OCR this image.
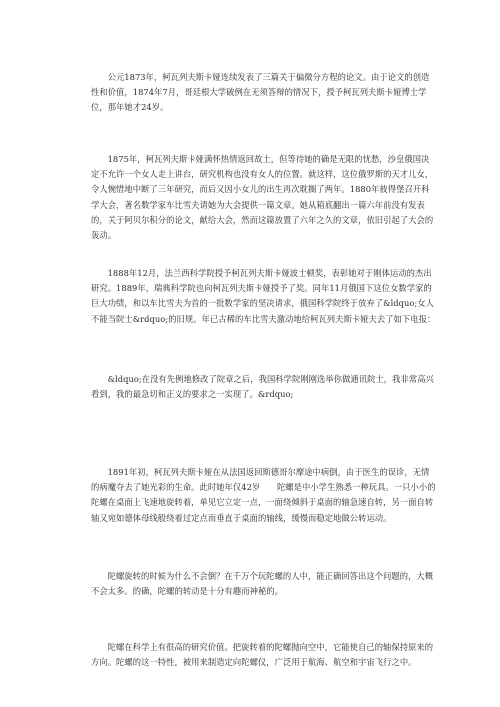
公元1873年，柯瓦列夫斯卡娅连续发表了三篇关于偏微分方程的论文。由于论文的创造性和价值，1874年7月，哥廷根大学破例在无须答辩的情况下，授予柯瓦列夫斯卡娅博士学位，那年她才24岁。

1875年，柯瓦列夫斯卡娅满怀热情返回故土，但等待她的确是无限的忧愁，沙皇俄国决定不允许一个女人走上讲台，研究机构也没有女人的位置。就这样，这位俄罗斯的天才儿女，令人惋惜地中断了三年研究，而后又因小女儿的出生再次耽搁了两年。1880年彼得堡召开科学大会，著名数学家车比雪夫请她为大会提供一篇文章。她从箱底翻出一篇六年前没有发表的，关于阿贝尔积分的论文，献给大会，然而这篇放置了六年之久的文章，依旧引起了大会的轰动。

1888年12月，法兰西科学院授予柯瓦列夫斯卡娅波士顿奖，表彰她对于刚体运动的杰出研究。1889年，瑞典科学院也向柯瓦列夫斯卡娅授予了奖。同年11月俄国下这位女数学家的巨大功绩，和以车比雪夫为首的一批数学家的坚决请求，俄国科学院终于放弃了&ldquo;女人不能当院士&rdquo;的旧规。年已古稀的车比雪夫激动地给柯瓦列夫斯卡娅夫去了如下电报：

&ldquo;在没有先例地修改了院章之后，我国科学院刚刚选举你做通讯院士，我非常高兴看到，我的最急切和正义的要求之一实现了。&rdquo;

1891年初，柯瓦列夫斯卡娅在从法国返回斯德哥尔摩途中病倒，由于医生的误诊，无情的病魔夺去了她光彩的生命。此时她年仅42岁　　陀螺是中小学生熟悉一种玩具。一只小小的陀螺在桌面上飞速地旋转着，单见它立定一点，一面绕倾斜于桌面的轴急速自转，另一面自转轴又宛如德体母线般绕着过定点而垂直于桌面的轴线，缓慢而稳定地做公转运动。

陀螺旋转的时候为什么不会倒？在千万个玩陀螺的人中，能正确回答出这个问题的，大概不会太多。的确，陀螺的转动是十分有趣而神秘的。

陀螺在科学上有很高的研究价值。把旋转着的陀螺抛向空中，它能使自己的轴保持原来的方向。陀螺的这一特性，被用来制造定向陀螺仪，广泛用于航海、航空和宇宙飞行之中。
